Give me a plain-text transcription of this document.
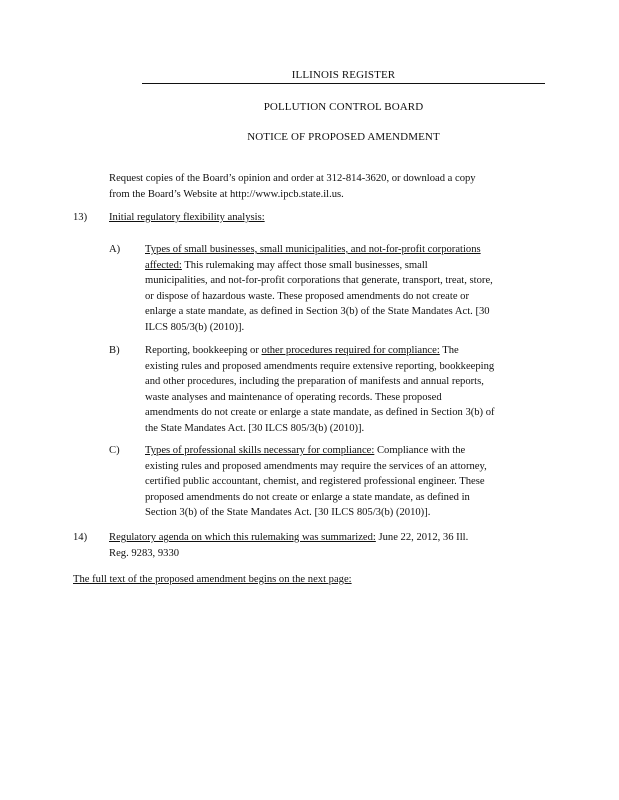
ILLINOIS REGISTER
POLLUTION CONTROL BOARD
NOTICE OF PROPOSED AMENDMENT
Request copies of the Board’s opinion and order at 312-814-3620, or download a copy
from the Board’s Website at http://www.ipcb.state.il.us.
13) Initial regulatory flexibility analysis:
A) Types of small businesses, small municipalities, and not-for-profit corporations
affected: This rulemaking may affect those small businesses, small
municipalities, and not-for-profit corporations that generate, transport, treat, store,
or dispose of hazardous waste. These proposed amendments do not create or
enlarge a state mandate, as defined in Section 3(b) of the State Mandates Act. [30
ILCS 805/3(b) (2010)].
B) Reporting, bookkeeping or other procedures required for compliance: The
existing rules and proposed amendments require extensive reporting, bookkeeping
and other procedures, including the preparation of manifests and annual reports,
waste analyses and maintenance of operating records. These proposed
amendments do not create or enlarge a state mandate, as defined in Section 3(b) of
the State Mandates Act. [30 ILCS 805/3(b) (2010)].
C) Types of professional skills necessary for compliance: Compliance with the
existing rules and proposed amendments may require the services of an attorney,
certified public accountant, chemist, and registered professional engineer. These
proposed amendments do not create or enlarge a state mandate, as defined in
Section 3(b) of the State Mandates Act. [30 ILCS 805/3(b) (2010)].
14) Regulatory agenda on which this rulemaking was summarized: June 22, 2012, 36 Ill.
Reg. 9283, 9330
The full text of the proposed amendment begins on the next page:
